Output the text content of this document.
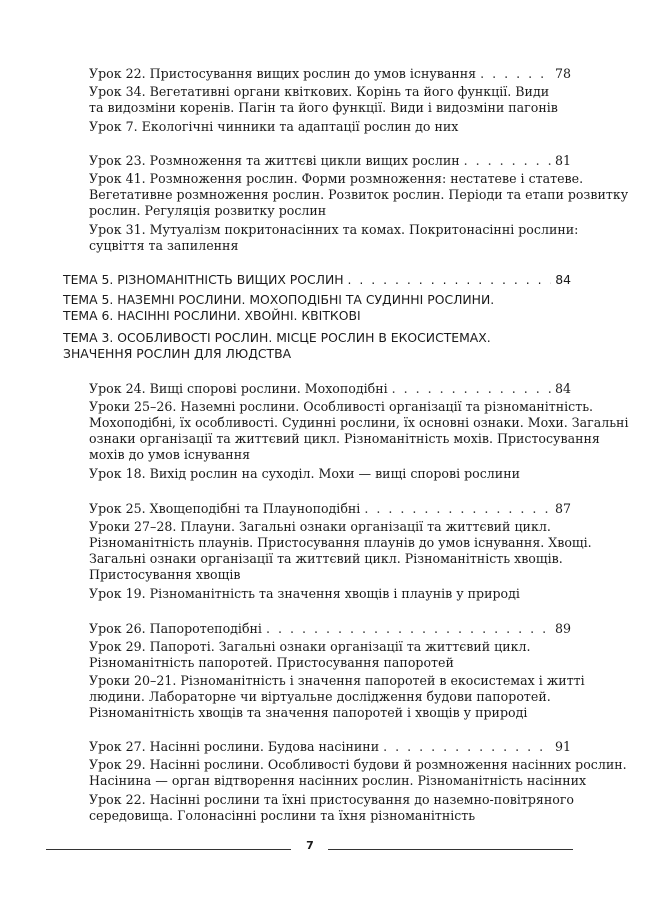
Урок 22. Пристосування вищих рослин до умов існування . . .	78
Урок 34. Вегетативні органи квіткових. Корінь та його функції. Види
та видозміни коренів. Пагін та його функції. Види і видозміни пагонів
Урок 7. Екологічні чинники та адаптації рослин до них
Урок 23. Розмноження та життєві цикли вищих рослин . . .	81
Урок 41. Розмноження рослин. Форми розмноження: нестатеве і статеве.
Вегетативне розмноження рослин. Розвиток рослин. Періоди та етапи розвитку
рослин. Регуляція розвитку рослин
Урок 31. Мутуалізм покритонасінних та комах. Покритонасінні рослини:
суцвіття та запилення
ТЕМА 5. РІЗНОМАНІТНІСТЬ ВИЩИХ РОСЛИН . . .	84
ТЕМА 5. НАЗЕМНІ РОСЛИНИ. МОХОПОДІБНІ ТА СУДИННІ РОСЛИНИ.
ТЕМА 6. НАСІННІ РОСЛИНИ. ХВОЙНІ. КВІТКОВІ
ТЕМА 3. ОСОБЛИВОСТІ РОСЛИН. МІСЦЕ РОСЛИН В ЕКОСИСТЕМАХ.
ЗНАЧЕННЯ РОСЛИН ДЛЯ ЛЮДСТВА
Урок 24. Вищі спорові рослини. Мохоподібні . . .	84
Уроки 25–26. Наземні рослини. Особливості організації та різноманітність.
Мохоподібні, їх особливості. Судинні рослини, їх основні ознаки. Мохи. Загальні
ознаки організації та життєвий цикл. Різноманітність мохів. Пристосування
мохів до умов існування
Урок 18. Вихід рослин на суходіл. Мохи — вищі спорові рослини
Урок 25. Хвощеподібні та Плауноподібні . . .	87
Уроки 27–28. Плауни. Загальні ознаки організації та життєвий цикл.
Різноманітність плаунів. Пристосування плаунів до умов існування. Хвощі.
Загальні ознаки організації та життєвий цикл. Різноманітність хвощів.
Пристосування хвощів
Урок 19. Різноманітність та значення хвощів і плаунів у природі
Урок 26. Папоротеподібні . . .	89
Урок 29. Папороті. Загальні ознаки організації та життєвий цикл.
Різноманітність папоротей. Пристосування папоротей
Уроки 20–21. Різноманітність і значення папоротей в екосистемах і житті
людини. Лабораторне чи віртуальне дослідження будови папоротей.
Різноманітність хвощів та значення папоротей і хвощів у природі
Урок 27. Насінні рослини. Будова насінини . . .	91
Урок 29. Насінні рослини. Особливості будови й розмноження насінних рослин.
Насінина — орган відтворення насінних рослин. Різноманітність насінних
Урок 22. Насінні рослини та їхні пристосування до наземно-повітряного
середовища. Голонасінні рослини та їхня різноманітність
7
